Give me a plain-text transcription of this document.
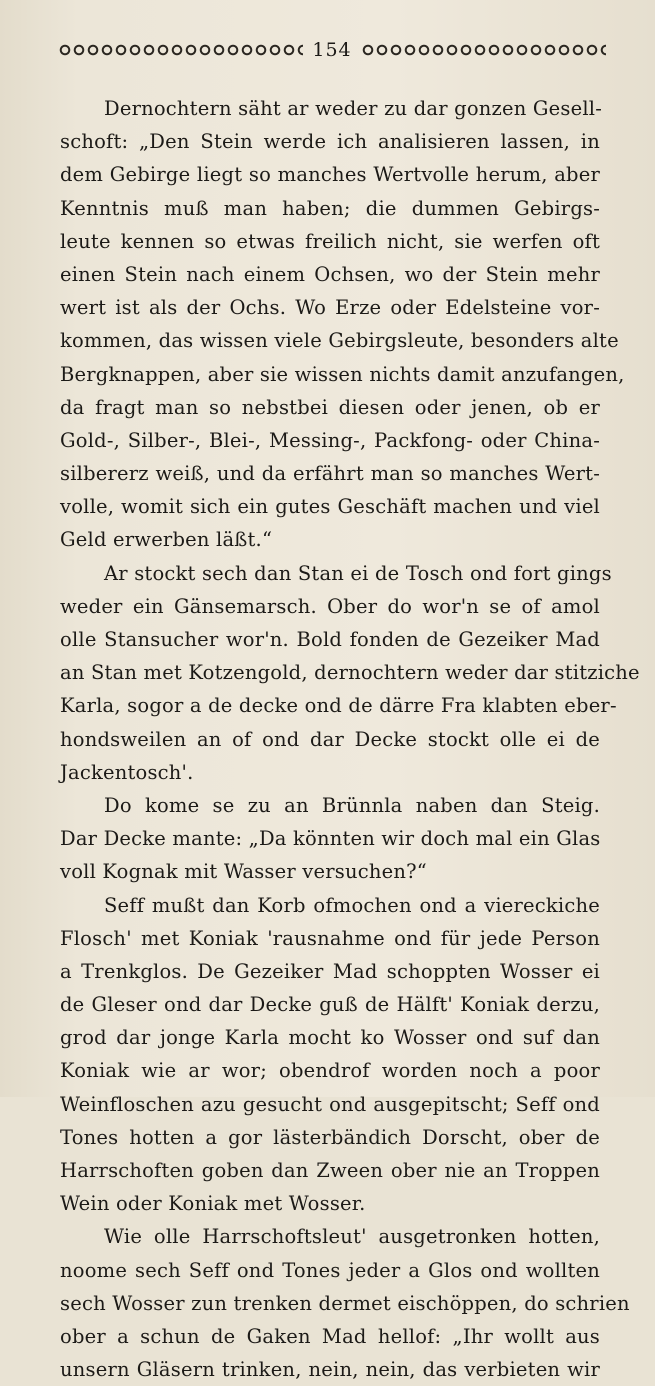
154
Dernochtern säht ar weder zu dar gonzen Gesell-
schoft: „Den Stein werde ich analisieren lassen, in
dem Gebirge liegt so manches Wertvolle herum, aber
Kenntnis muß man haben; die dummen Gebirgs-
leute kennen so etwas freilich nicht, sie werfen oft
einen Stein nach einem Ochsen, wo der Stein mehr
wert ist als der Ochs. Wo Erze oder Edelsteine vor-
kommen, das wissen viele Gebirgsleute, besonders alte
Bergknappen, aber sie wissen nichts damit anzufangen,
da fragt man so nebstbei diesen oder jenen, ob er
Gold-, Silber-, Blei-, Messing-, Packfong- oder China-
silbererz weiß, und da erfährt man so manches Wert-
volle, womit sich ein gutes Geschäft machen und viel
Geld erwerben läßt.“
Ar stockt sech dan Stan ei de Tosch ond fort gings
weder ein Gänsemarsch. Ober do wor'n se of amol
olle Stansucher wor'n. Bold fonden de Gezeiker Mad
an Stan met Kotzengold, dernochtern weder dar stitziche
Karla, sogor a de decke ond de därre Fra klabten eber-
hondsweilen an of ond dar Decke stockt olle ei de
Jackentosch'.
Do kome se zu an Brünnla naben dan Steig.
Dar Decke mante: „Da könnten wir doch mal ein Glas
voll Kognak mit Wasser versuchen?“
Seff mußt dan Korb ofmochen ond a viereckiche
Flosch' met Koniak 'rausnahme ond für jede Person
a Trenkglos. De Gezeiker Mad schoppten Wosser ei
de Gleser ond dar Decke guß de Hälft' Koniak derzu,
grod dar jonge Karla mocht ko Wosser ond suf dan
Koniak wie ar wor; obendrof worden noch a poor
Weinfloschen azu gesucht ond ausgepitscht; Seff ond
Tones hotten a gor lästerbändich Dorscht, ober de
Harrschoften goben dan Zween ober nie an Troppen
Wein oder Koniak met Wosser.
Wie olle Harrschoftsleut' ausgetronken hotten,
noome sech Seff ond Tones jeder a Glos ond wollten
sech Wosser zun trenken dermet eischöppen, do schrien
ober a schun de Gaken Mad hellof: „Ihr wollt aus
unsern Gläsern trinken, nein, nein, das verbieten wir
